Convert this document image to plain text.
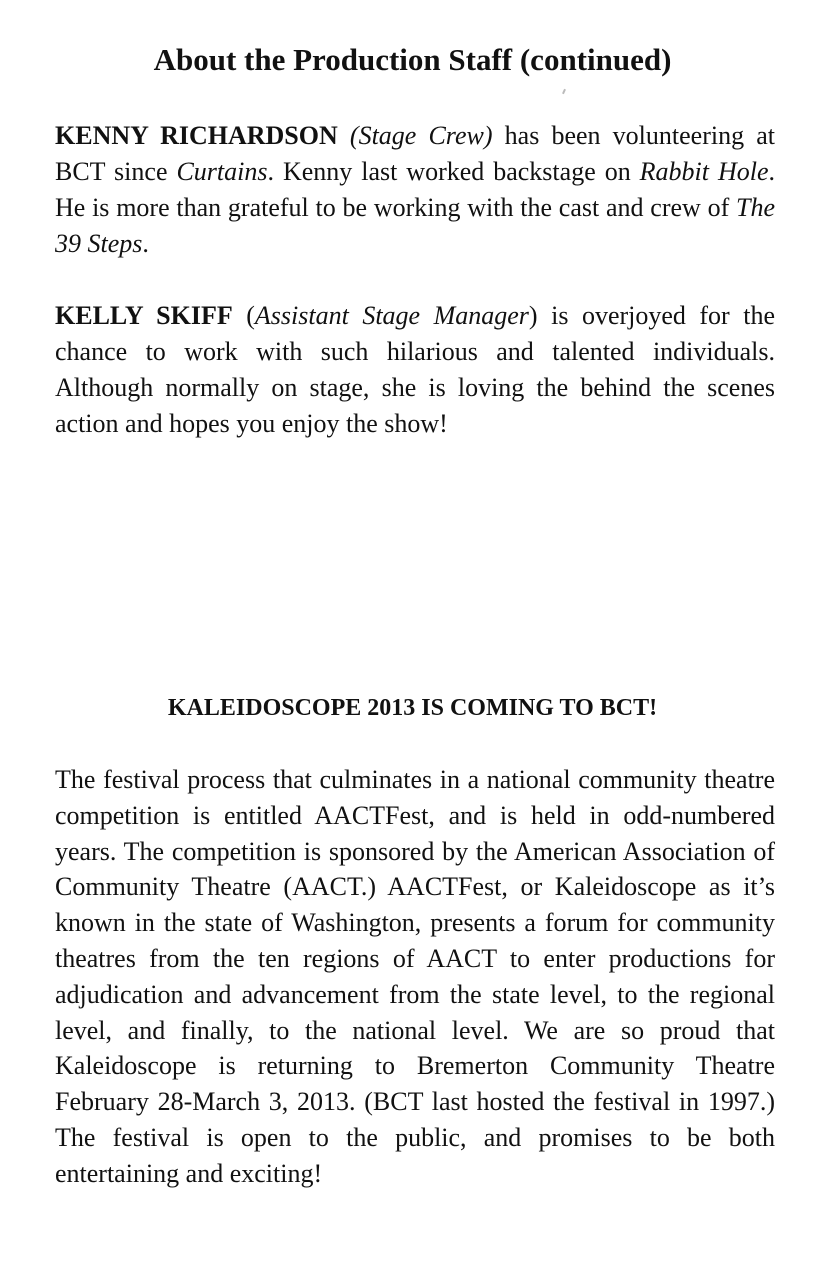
About the Production Staff (continued)

KENNY RICHARDSON (Stage Crew) has been volunteering at BCT since Curtains. Kenny last worked backstage on Rabbit Hole. He is more than grateful to be working with the cast and crew of The 39 Steps.

KELLY SKIFF (Assistant Stage Manager) is overjoyed for the chance to work with such hilarious and talented individuals. Although normally on stage, she is loving the behind the scenes action and hopes you enjoy the show!

KALEIDOSCOPE 2013 IS COMING TO BCT!

The festival process that culminates in a national community theatre competition is entitled AACTFest, and is held in odd-numbered years. The competition is sponsored by the American Association of Community Theatre (AACT.) AACTFest, or Kaleidoscope as it’s known in the state of Washington, presents a forum for community theatres from the ten regions of AACT to enter productions for adjudication and advancement from the state level, to the regional level, and finally, to the national level. We are so proud that Kaleidoscope is returning to Bremerton Community Theatre February 28-March 3, 2013. (BCT last hosted the festival in 1997.) The festival is open to the public, and promises to be both entertaining and exciting!
